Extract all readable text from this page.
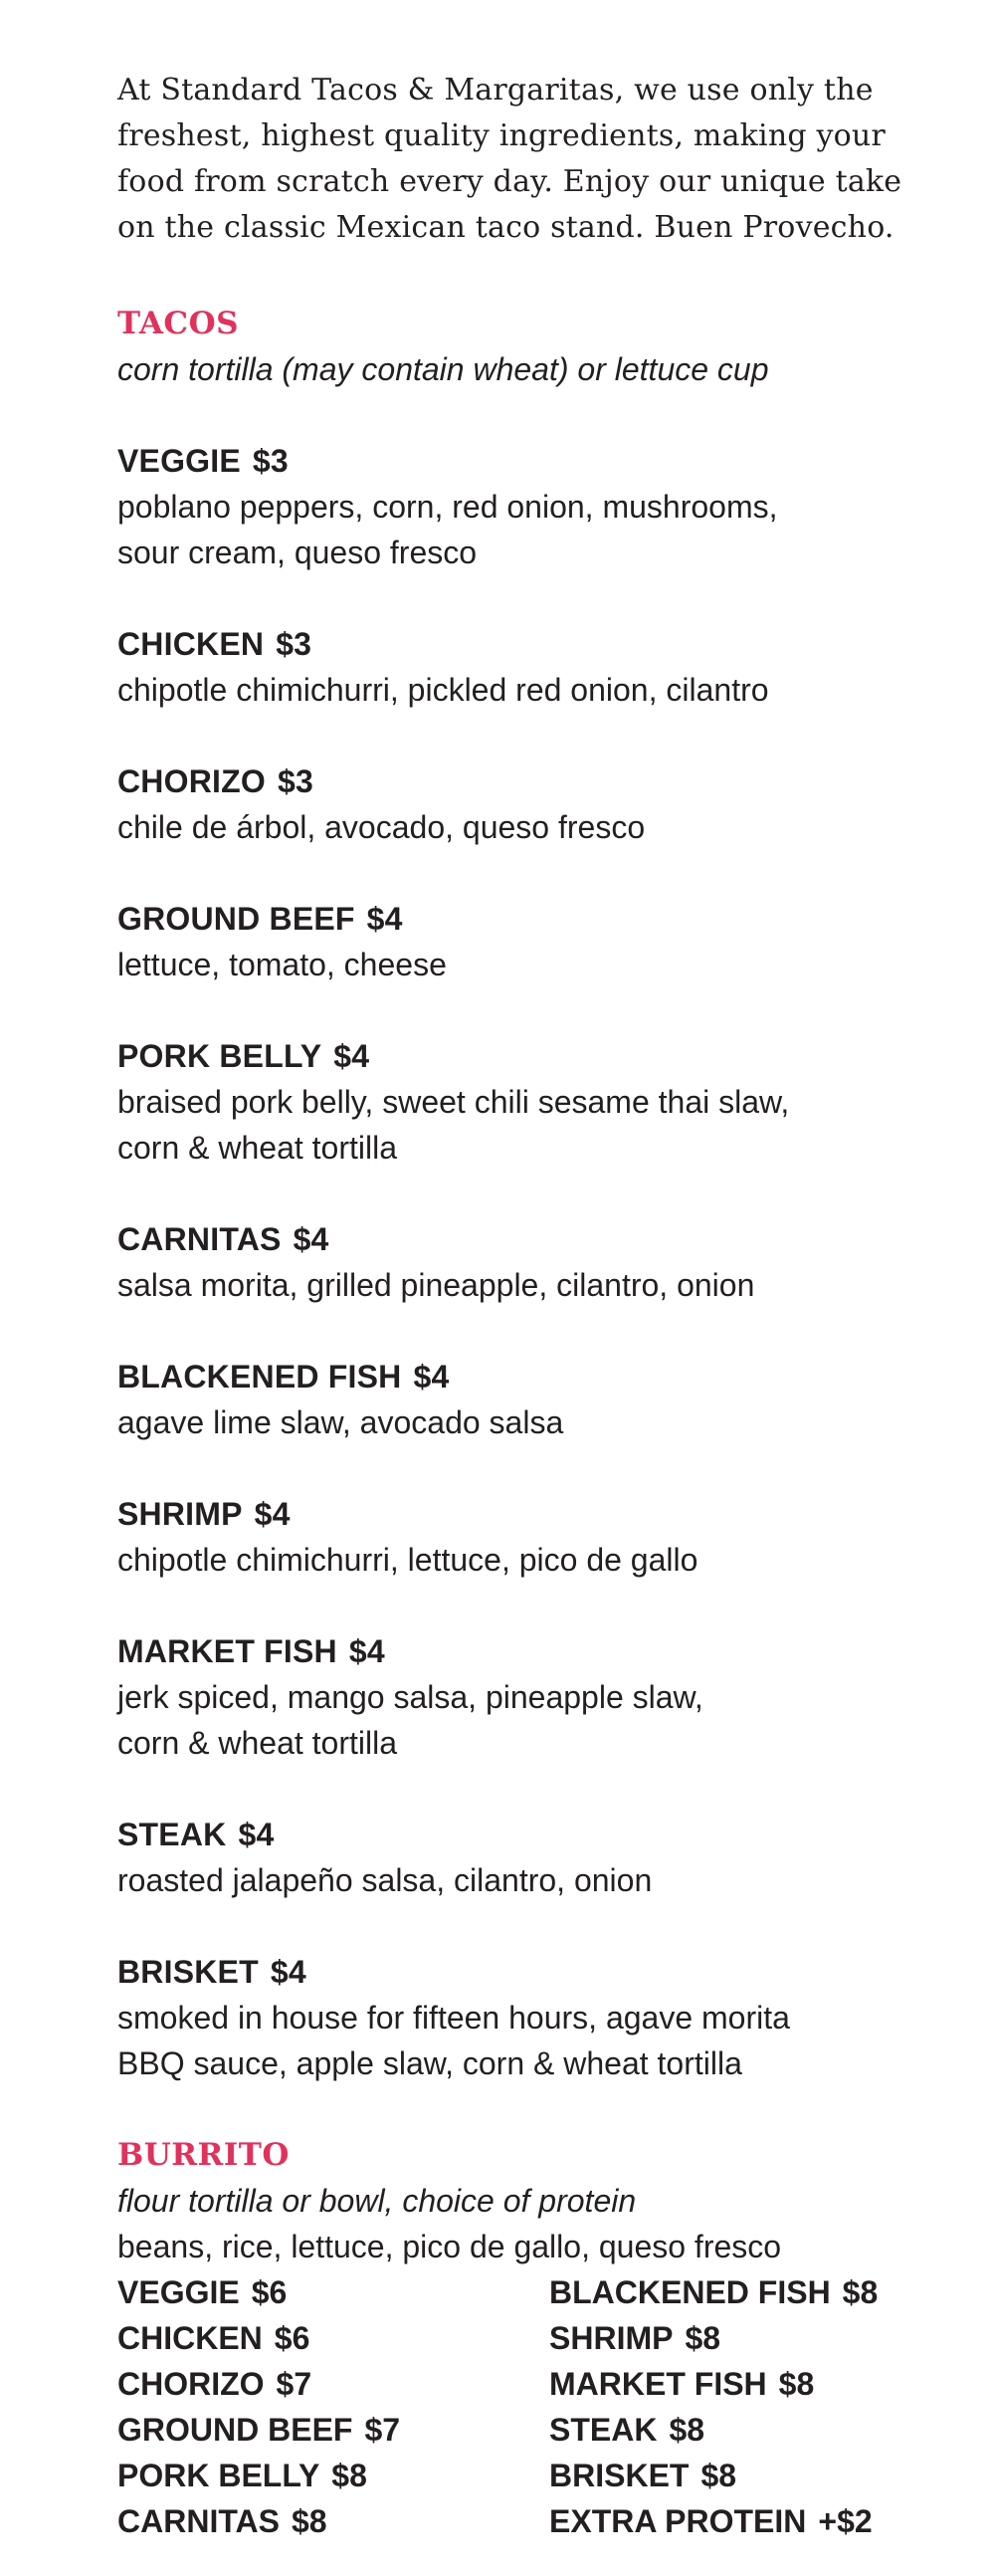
At Standard Tacos & Margaritas, we use only the freshest, highest quality ingredients, making your food from scratch every day. Enjoy our unique take on the classic Mexican taco stand. Buen Provecho.

TACOS

corn tortilla (may contain wheat) or lettuce cup

VEGGIE $3
poblano peppers, corn, red onion, mushrooms,
sour cream, queso fresco
CHICKEN $3
chipotle chimichurri, pickled red onion, cilantro
CHORIZO $3
chile de árbol, avocado, queso fresco
GROUND BEEF $4
lettuce, tomato, cheese
PORK BELLY $4
braised pork belly, sweet chili sesame thai slaw,
corn & wheat tortilla
CARNITAS $4
salsa morita, grilled pineapple, cilantro, onion
BLACKENED FISH $4
agave lime slaw, avocado salsa
SHRIMP $4
chipotle chimichurri, lettuce, pico de gallo
MARKET FISH $4
jerk spiced, mango salsa, pineapple slaw,
corn & wheat tortilla
STEAK $4
roasted jalapeño salsa, cilantro, onion
BRISKET $4
smoked in house for fifteen hours, agave morita
BBQ sauce, apple slaw, corn & wheat tortilla
BURRITO

flour tortilla or bowl, choice of protein

beans, rice, lettuce, pico de gallo, queso fresco

VEGGIE $6
CHICKEN $6
CHORIZO $7
GROUND BEEF $7
PORK BELLY $8
CARNITAS $8
BLACKENED FISH $8
SHRIMP $8
MARKET FISH $8
STEAK $8
BRISKET $8
EXTRA PROTEIN +$2
